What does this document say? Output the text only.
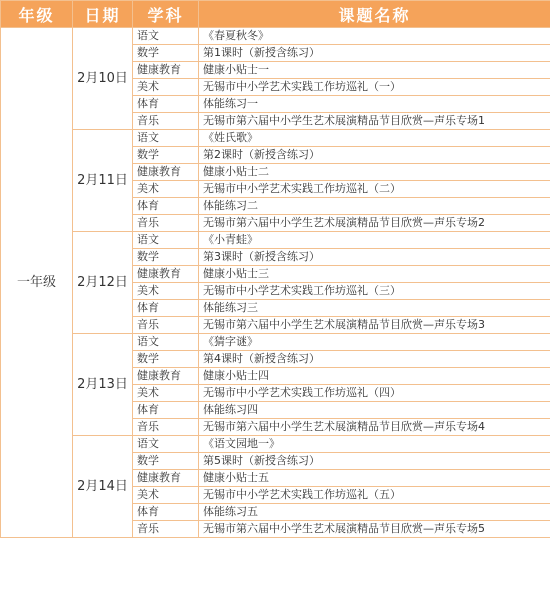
年级	日期	学科	课题名称
一年级	2月10日	语文	《春夏秋冬》
		数学	第1课时（新授含练习）
		健康教育	健康小贴士一
		美术	无锡市中小学艺术实践工作坊巡礼（一）
		体育	体能练习一
		音乐	无锡市第六届中小学生艺术展演精品节目欣赏—声乐专场1
	2月11日	语文	《姓氏歌》
		数学	第2课时（新授含练习）
		健康教育	健康小贴士二
		美术	无锡市中小学艺术实践工作坊巡礼（二）
		体育	体能练习二
		音乐	无锡市第六届中小学生艺术展演精品节目欣赏—声乐专场2
	2月12日	语文	《小青蛙》
		数学	第3课时（新授含练习）
		健康教育	健康小贴士三
		美术	无锡市中小学艺术实践工作坊巡礼（三）
		体育	体能练习三
		音乐	无锡市第六届中小学生艺术展演精品节目欣赏—声乐专场3
	2月13日	语文	《猜字谜》
		数学	第4课时（新授含练习）
		健康教育	健康小贴士四
		美术	无锡市中小学艺术实践工作坊巡礼（四）
		体育	体能练习四
		音乐	无锡市第六届中小学生艺术展演精品节目欣赏—声乐专场4
	2月14日	语文	《语文园地一》
		数学	第5课时（新授含练习）
		健康教育	健康小贴士五
		美术	无锡市中小学艺术实践工作坊巡礼（五）
		体育	体能练习五
		音乐	无锡市第六届中小学生艺术展演精品节目欣赏—声乐专场5
